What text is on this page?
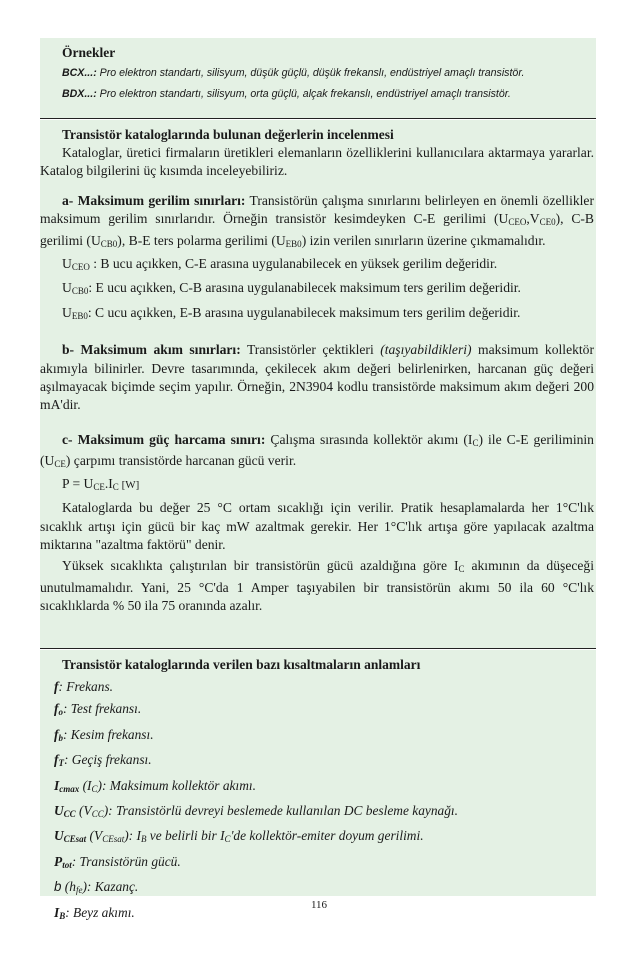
Örnekler
BCX...: Pro elektron standartı, silisyum, düşük güçlü, düşük frekanslı, endüstriyel amaçlı transistör.
BDX...: Pro elektron standartı, silisyum, orta güçlü, alçak frekanslı, endüstriyel amaçlı transistör.
Transistör kataloglarında bulunan değerlerin incelenmesi

Kataloglar, üretici firmaların üretikleri elemanların özelliklerini kullanıcılara aktarmaya yararlar. Katalog bilgilerini üç kısımda inceleyebiliriz.

a- Maksimum gerilim sınırları: Transistörün çalışma sınırlarını belirleyen en önemli özellikler maksimum gerilim sınırlarıdır. Örneğin transistör kesimdeyken C-E gerilimi $(U_{CEO},V_{CE0})$, C-B gerilimi $(U_{CB0})$, B-E ters polarma gerilimi $(U_{EB0})$ izin verilen sınırların üzerine çıkmamalıdır.

$U_{CEO}$ : B ucu açıkken, C-E arasına uygulanabilecek en yüksek gerilim değeridir.
$U_{CB0}$: E ucu açıkken, C-B arasına uygulanabilecek maksimum ters gerilim değeridir.
$U_{EB0}$: C ucu açıkken, E-B arasına uygulanabilecek maksimum ters gerilim değeridir.

b- Maksimum akım sınırları: Transistörler çektikleri (taşıyabildikleri) maksimum kollektör akımıyla bilinirler. Devre tasarımında, çekilecek akım değeri belirlenirken, harcanan güç değeri aşılmayacak biçimde seçim yapılır. Örneğin, 2N3904 kodlu transistörde maksimum akım değeri 200 mA'dir.

c- Maksimum güç harcama sınırı: Çalışma sırasında kollektör akımı $(I_C)$ ile C-E geriliminin $(U_{CE})$ çarpımı transistörde harcanan gücü verir.

$P = U_{CE}.I_C$ [W]

Kataloglarda bu değer 25 °C ortam sıcaklığı için verilir. Pratik hesaplamalarda her 1°C'lık sıcaklık artışı için gücü bir kaç mW azaltmak gerekir. Her 1°C'lık artışa göre yapılacak azaltma miktarına "azaltma faktörü" denir.

Yüksek sıcaklıkta çalıştırılan bir transistörün gücü azaldığına göre $I_C$ akımının da düşeceği unutulmamalıdır. Yani, 25 °C'da 1 Amper taşıyabilen bir transistörün akımı 50 ila 60 °C'lık sıcaklıklarda % 50 ila 75 oranında azalır.

Transistör kataloglarında verilen bazı kısaltmaların anlamları
f: Frekans.
$f_o$: Test frekansı.
$f_b$: Kesim frekansı.
$f_T$: Geçiş frekansı.
$I_{cmax}$ $(I_C)$: Maksimum kollektör akımı.
$U_{CC}$ $(V_{CC})$: Transistörlü devreyi beslemede kullanılan DC besleme kaynağı.
$U_{CEsat}$ $(V_{CEsat})$: $I_B$ ve belirli bir $I_C'de$ kollektör-emiter doyum gerilimi.
$P_{tot}$: Transistörün gücü.
b $(h_{fe})$: Kazanç.
$I_B$: Beyz akımı.	116
